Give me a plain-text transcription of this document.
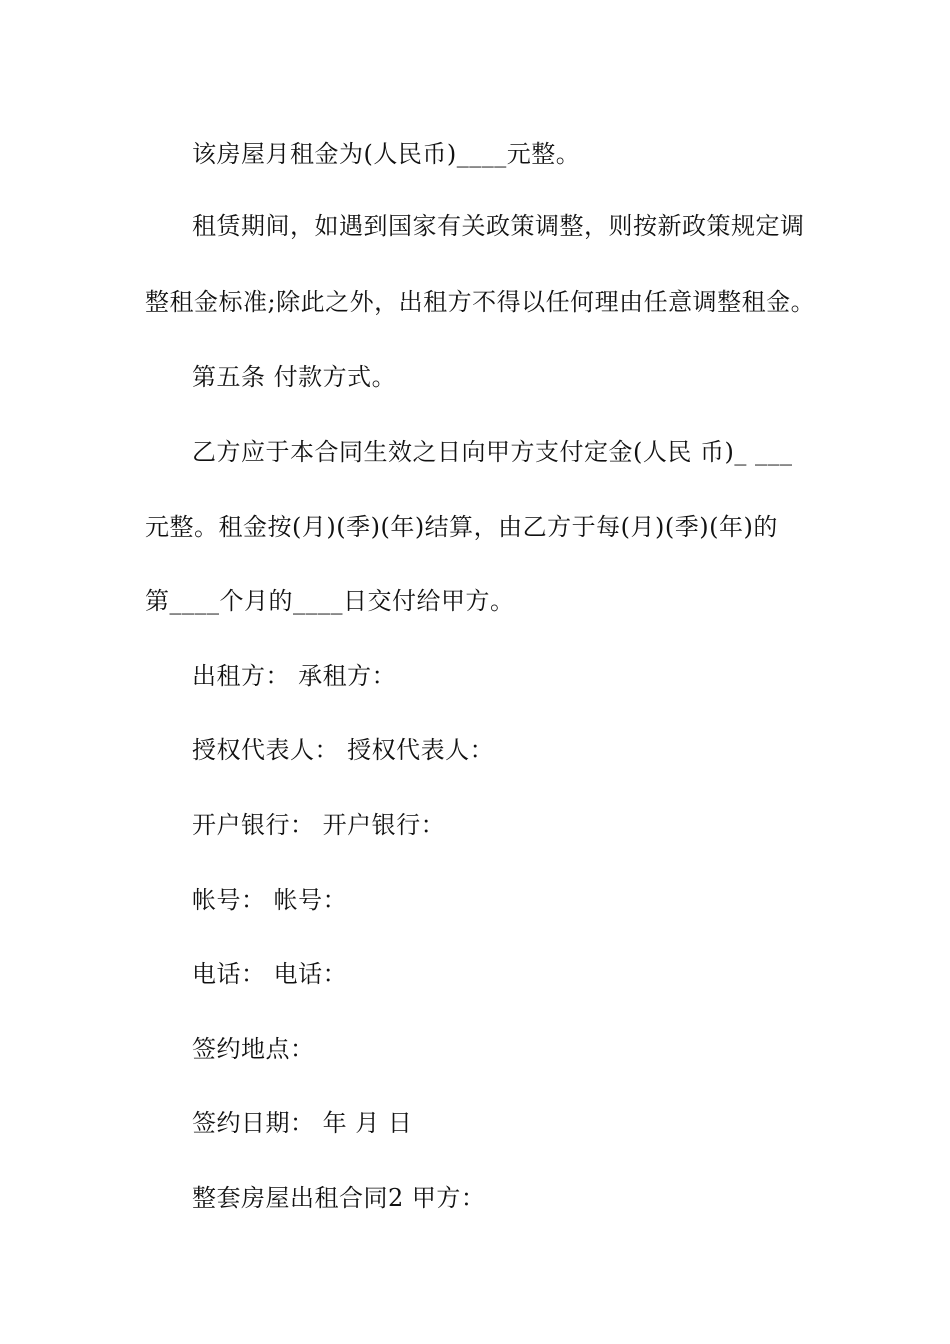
该房屋月租金为(人民币)____元整。
租赁期间，如遇到国家有关政策调整，则按新政策规定调
整租金标准;除此之外，出租方不得以任何理由任意调整租金。
第五条 付款方式。
乙方应于本合同生效之日向甲方支付定金(人民 币)_ ___
元整。租金按(月)(季)(年)结算，由乙方于每(月)(季)(年)的
第____个月的____日交付给甲方。
出租方： 承租方：
授权代表人： 授权代表人：
开户银行： 开户银行：
帐号： 帐号：
电话： 电话：
签约地点：
签约日期： 年 月 日
整套房屋出租合同2 甲方：
